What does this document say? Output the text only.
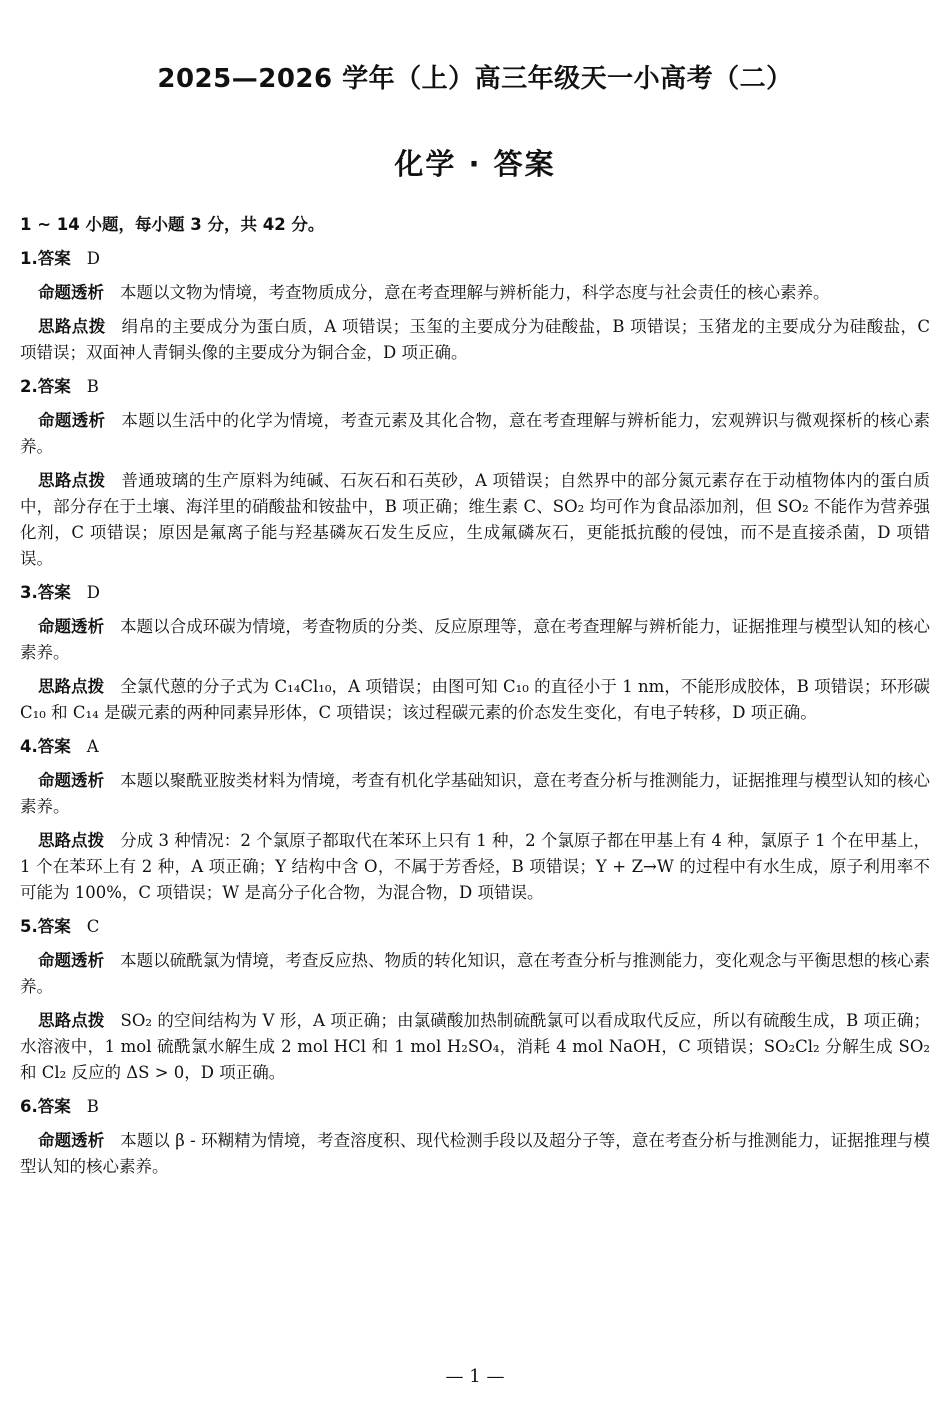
2025—2026 学年（上）高三年级天一小高考（二）
化学 · 答案

1 ~ 14 小题，每小题 3 分，共 42 分。

1.答案 D

命题透析 本题以文物为情境，考查物质成分，意在考查理解与辨析能力，科学态度与社会责任的核心素养。

思路点拨 绢帛的主要成分为蛋白质，A 项错误；玉玺的主要成分为硅酸盐，B 项错误；玉猪龙的主要成分为硅酸盐，C 项错误；双面神人青铜头像的主要成分为铜合金，D 项正确。

2.答案 B

命题透析 本题以生活中的化学为情境，考查元素及其化合物，意在考查理解与辨析能力，宏观辨识与微观探析的核心素养。

思路点拨 普通玻璃的生产原料为纯碱、石灰石和石英砂，A 项错误；自然界中的部分氮元素存在于动植物体内的蛋白质中，部分存在于土壤、海洋里的硝酸盐和铵盐中，B 项正确；维生素 C、SO₂ 均可作为食品添加剂，但 SO₂ 不能作为营养强化剂，C 项错误；原因是氟离子能与羟基磷灰石发生反应，生成氟磷灰石，更能抵抗酸的侵蚀，而不是直接杀菌，D 项错误。

3.答案 D

命题透析 本题以合成环碳为情境，考查物质的分类、反应原理等，意在考查理解与辨析能力，证据推理与模型认知的核心素养。

思路点拨 全氯代蒽的分子式为 C₁₄Cl₁₀，A 项错误；由图可知 C₁₀ 的直径小于 1 nm，不能形成胶体，B 项错误；环形碳 C₁₀ 和 C₁₄ 是碳元素的两种同素异形体，C 项错误；该过程碳元素的价态发生变化，有电子转移，D 项正确。

4.答案 A

命题透析 本题以聚酰亚胺类材料为情境，考查有机化学基础知识，意在考查分析与推测能力，证据推理与模型认知的核心素养。

思路点拨 分成 3 种情况：2 个氯原子都取代在苯环上只有 1 种，2 个氯原子都在甲基上有 4 种，氯原子 1 个在甲基上，1 个在苯环上有 2 种，A 项正确；Y 结构中含 O，不属于芳香烃，B 项错误；Y + Z→W 的过程中有水生成，原子利用率不可能为 100%，C 项错误；W 是高分子化合物，为混合物，D 项错误。

5.答案 C

命题透析 本题以硫酰氯为情境，考查反应热、物质的转化知识，意在考查分析与推测能力，变化观念与平衡思想的核心素养。

思路点拨 SO₂ 的空间结构为 V 形，A 项正确；由氯磺酸加热制硫酰氯可以看成取代反应，所以有硫酸生成，B 项正确；水溶液中，1 mol 硫酰氯水解生成 2 mol HCl 和 1 mol H₂SO₄，消耗 4 mol NaOH，C 项错误；SO₂Cl₂ 分解生成 SO₂ 和 Cl₂ 反应的 ΔS > 0，D 项正确。

6.答案 B

命题透析 本题以 β - 环糊精为情境，考查溶度积、现代检测手段以及超分子等，意在考查分析与推测能力，证据推理与模型认知的核心素养。

— 1 —
